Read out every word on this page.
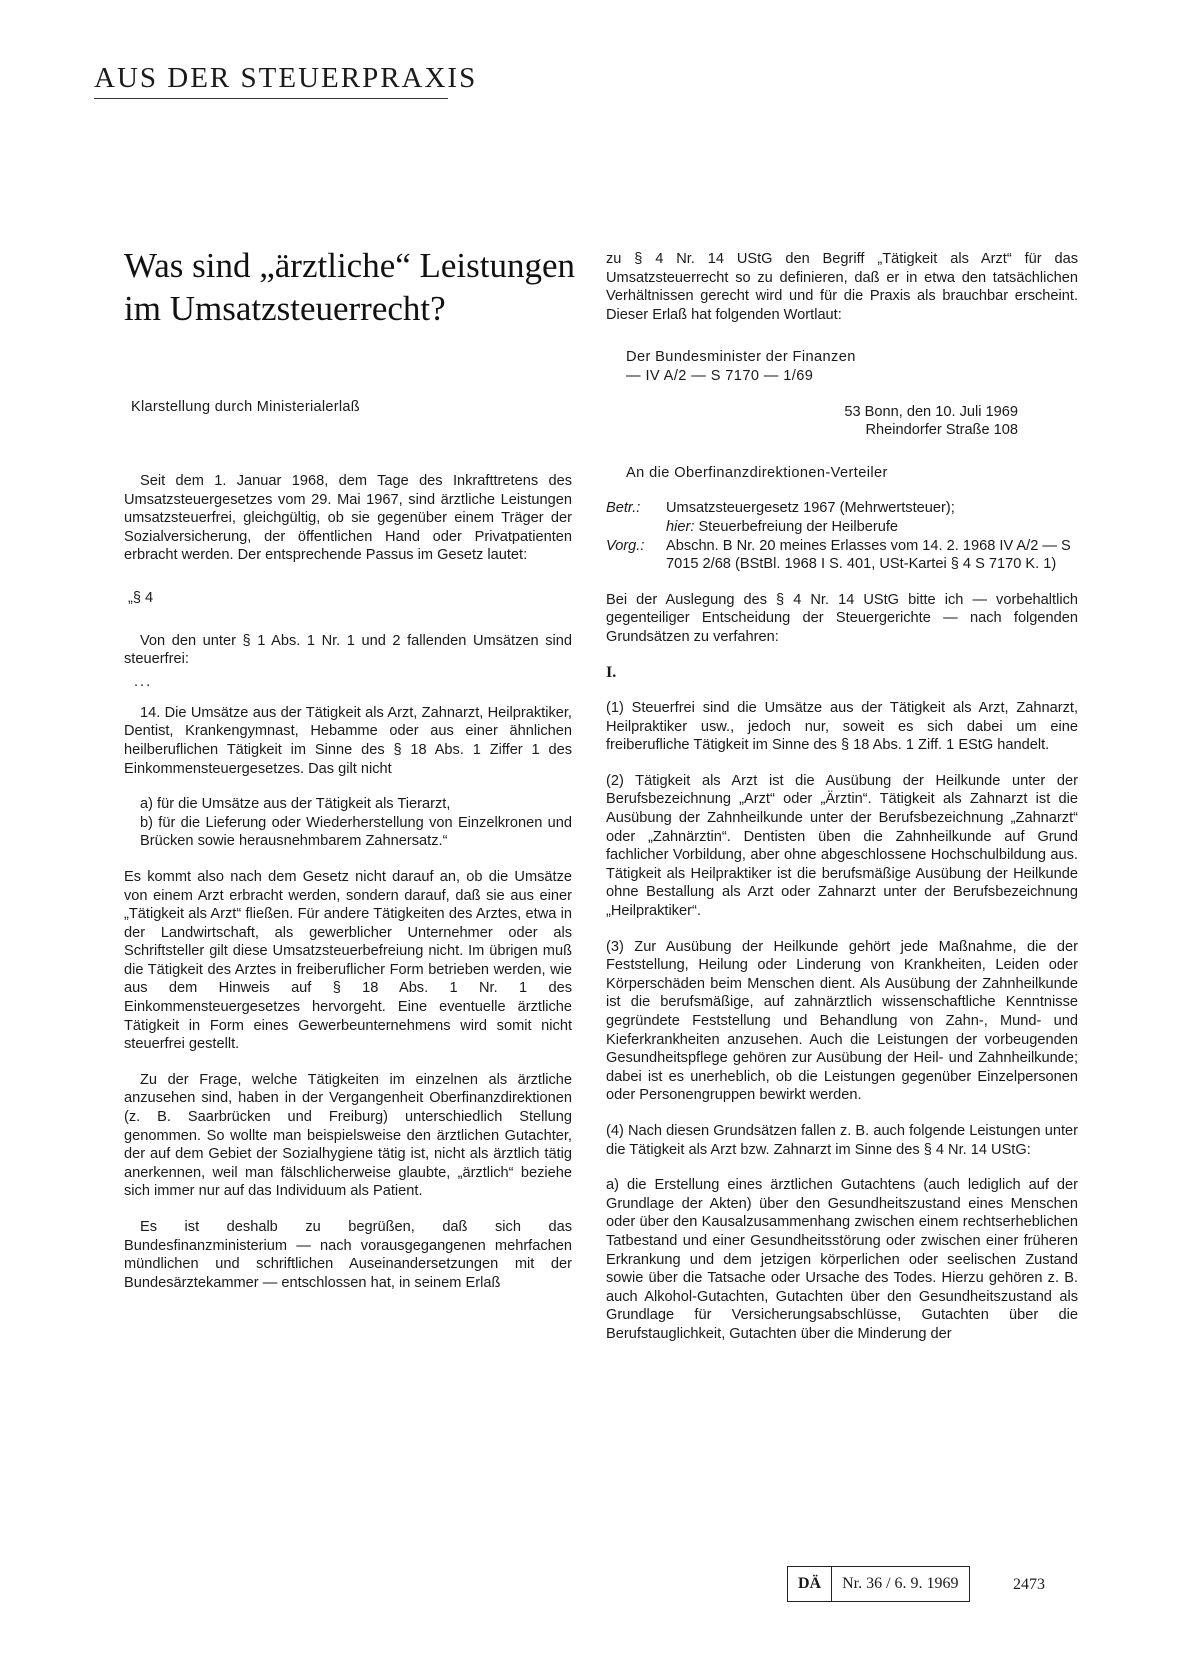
AUS DER STEUERPRAXIS
Was sind „ärztliche“ Leistungen im Umsatzsteuerrecht?
Klarstellung durch Ministerialerlaß

Seit dem 1. Januar 1968, dem Tage des Inkrafttretens des Umsatzsteuergesetzes vom 29. Mai 1967, sind ärztliche Leistungen umsatzsteuerfrei, gleichgültig, ob sie gegenüber einem Träger der Sozialversicherung, der öffentlichen Hand oder Privatpatienten erbracht werden. Der entsprechende Passus im Gesetz lautet:

„§ 4

Von den unter § 1 Abs. 1 Nr. 1 und 2 fallenden Umsätzen sind steuerfrei:

...

14. Die Umsätze aus der Tätigkeit als Arzt, Zahnarzt, Heilpraktiker, Dentist, Krankengymnast, Hebamme oder aus einer ähnlichen heilberuflichen Tätigkeit im Sinne des § 18 Abs. 1 Ziffer 1 des Einkommensteuergesetzes. Das gilt nicht

a) für die Umsätze aus der Tätigkeit als Tierarzt,

b) für die Lieferung oder Wiederherstellung von Einzelkronen und Brücken sowie herausnehmbarem Zahnersatz.“

Es kommt also nach dem Gesetz nicht darauf an, ob die Umsätze von einem Arzt erbracht werden, sondern darauf, daß sie aus einer „Tätigkeit als Arzt“ fließen. Für andere Tätigkeiten des Arztes, etwa in der Landwirtschaft, als gewerblicher Unternehmer oder als Schriftsteller gilt diese Umsatzsteuerbefreiung nicht. Im übrigen muß die Tätigkeit des Arztes in freiberuflicher Form betrieben werden, wie aus dem Hinweis auf § 18 Abs. 1 Nr. 1 des Einkommensteuergesetzes hervorgeht. Eine eventuelle ärztliche Tätigkeit in Form eines Gewerbeunternehmens wird somit nicht steuerfrei gestellt.

Zu der Frage, welche Tätigkeiten im einzelnen als ärztliche anzusehen sind, haben in der Vergangenheit Oberfinanzdirektionen (z. B. Saarbrücken und Freiburg) unterschiedlich Stellung genommen. So wollte man beispielsweise den ärztlichen Gutachter, der auf dem Gebiet der Sozialhygiene tätig ist, nicht als ärztlich tätig anerkennen, weil man fälschlicherweise glaubte, „ärztlich“ beziehe sich immer nur auf das Individuum als Patient.

Es ist deshalb zu begrüßen, daß sich das Bundesfinanzministerium — nach vorausgegangenen mehrfachen mündlichen und schriftlichen Auseinandersetzungen mit der Bundesärztekammer — entschlossen hat, in seinem Erlaß

zu § 4 Nr. 14 UStG den Begriff „Tätigkeit als Arzt“ für das Umsatzsteuerrecht so zu definieren, daß er in etwa den tatsächlichen Verhältnissen gerecht wird und für die Praxis als brauchbar erscheint. Dieser Erlaß hat folgenden Wortlaut:

Der Bundesminister der Finanzen

— IV A/2 — S 7170 — 1/69

53 Bonn, den 10. Juli 1969

Rheindorfer Straße 108

An die Oberfinanzdirektionen-Verteiler

Betr.:	Umsatzsteuergesetz 1967 (Mehrwertsteuer);
hier: Steuerbefreiung der Heilberufe
Vorg.:	Abschn. B Nr. 20 meines Erlasses vom 14. 2. 1968 IV A/2 — S 7015 2/68 (BStBl. 1968 I S. 401, USt-Kartei § 4 S 7170 K. 1)

Bei der Auslegung des § 4 Nr. 14 UStG bitte ich — vorbehaltlich gegenteiliger Entscheidung der Steuergerichte — nach folgenden Grundsätzen zu verfahren:

I.

(1) Steuerfrei sind die Umsätze aus der Tätigkeit als Arzt, Zahnarzt, Heilpraktiker usw., jedoch nur, soweit es sich dabei um eine freiberufliche Tätigkeit im Sinne des § 18 Abs. 1 Ziff. 1 EStG handelt.

(2) Tätigkeit als Arzt ist die Ausübung der Heilkunde unter der Berufsbezeichnung „Arzt“ oder „Ärztin“. Tätigkeit als Zahnarzt ist die Ausübung der Zahnheilkunde unter der Berufsbezeichnung „Zahnarzt“ oder „Zahnärztin“. Dentisten üben die Zahnheilkunde auf Grund fachlicher Vorbildung, aber ohne abgeschlossene Hochschulbildung aus. Tätigkeit als Heilpraktiker ist die berufsmäßige Ausübung der Heilkunde ohne Bestallung als Arzt oder Zahnarzt unter der Berufsbezeichnung „Heilpraktiker“.

(3) Zur Ausübung der Heilkunde gehört jede Maßnahme, die der Feststellung, Heilung oder Linderung von Krankheiten, Leiden oder Körperschäden beim Menschen dient. Als Ausübung der Zahnheilkunde ist die berufsmäßige, auf zahnärztlich wissenschaftliche Kenntnisse gegründete Feststellung und Behandlung von Zahn-, Mund- und Kieferkrankheiten anzusehen. Auch die Leistungen der vorbeugenden Gesundheitspflege gehören zur Ausübung der Heil- und Zahnheilkunde; dabei ist es unerheblich, ob die Leistungen gegenüber Einzelpersonen oder Personengruppen bewirkt werden.

(4) Nach diesen Grundsätzen fallen z. B. auch folgende Leistungen unter die Tätigkeit als Arzt bzw. Zahnarzt im Sinne des § 4 Nr. 14 UStG:

a) die Erstellung eines ärztlichen Gutachtens (auch lediglich auf der Grundlage der Akten) über den Gesundheitszustand eines Menschen oder über den Kausalzusammenhang zwischen einem rechtserheblichen Tatbestand und einer Gesundheitsstörung oder zwischen einer früheren Erkrankung und dem jetzigen körperlichen oder seelischen Zustand sowie über die Tatsache oder Ursache des Todes. Hierzu gehören z. B. auch Alkohol-Gutachten, Gutachten über den Gesundheitszustand als Grundlage für Versicherungsabschlüsse, Gutachten über die Berufstauglichkeit, Gutachten über die Minderung der

DÄ	Nr. 36 / 6. 9. 1969	2473
